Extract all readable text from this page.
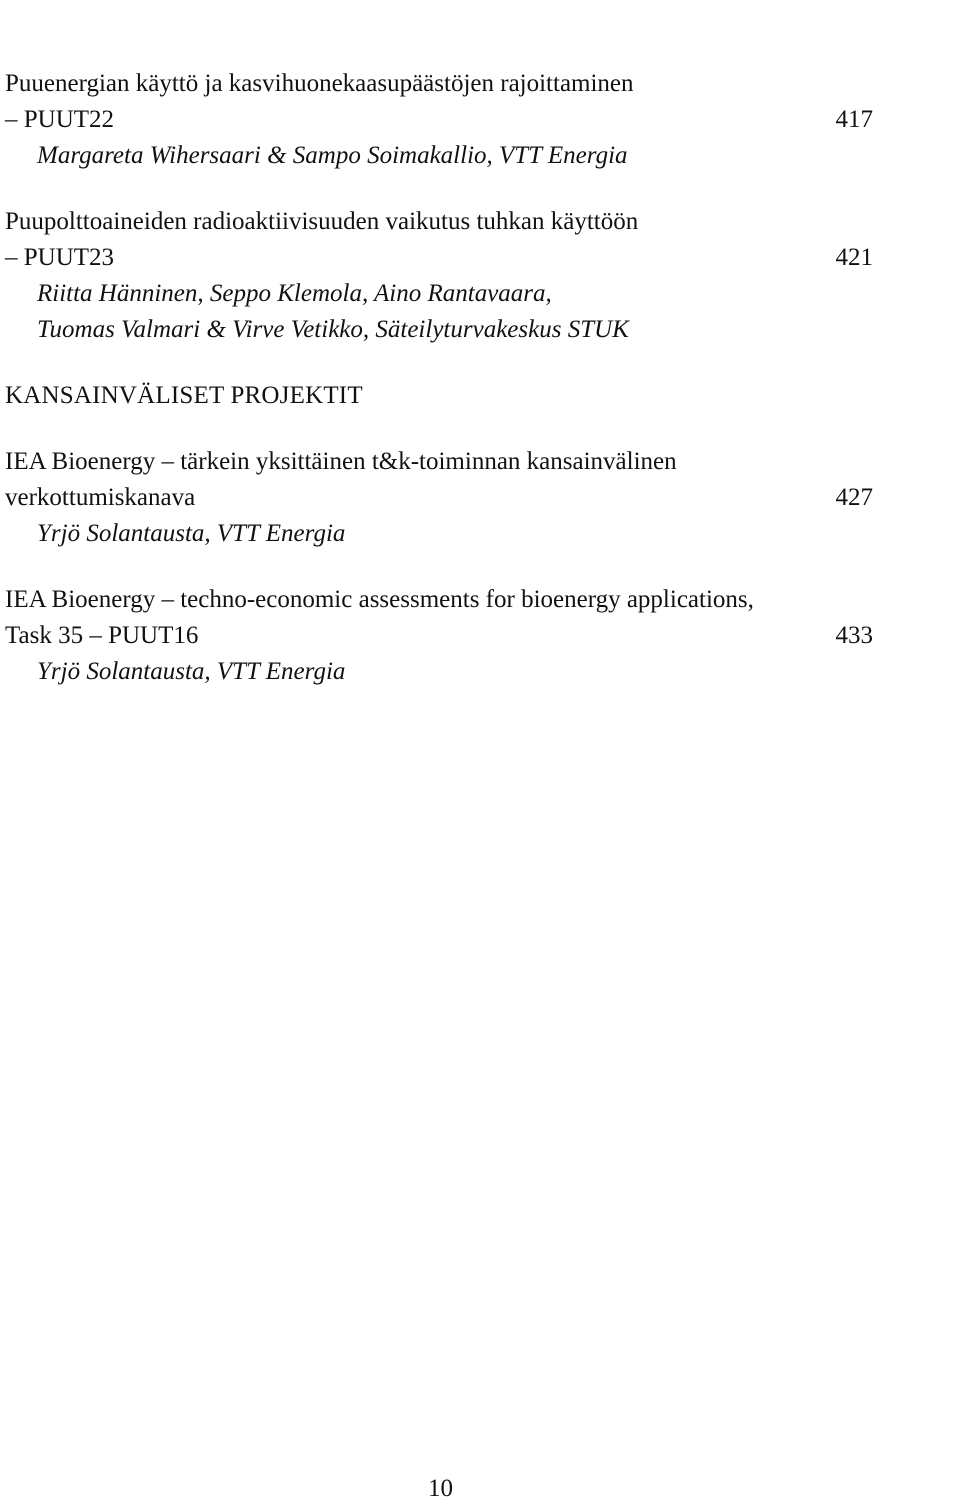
Puuenergian käyttö ja kasvihuonekaasupäästöjen rajoittaminen
– PUUT22	417
Margareta Wihersaari & Sampo Soimakallio, VTT Energia
Puupolttoaineiden radioaktiivisuuden vaikutus tuhkan käyttöön
– PUUT23	421
Riitta Hänninen, Seppo Klemola, Aino Rantavaara,
Tuomas Valmari & Virve Vetikko, Säteilyturvakeskus STUK
KANSAINVÄLISET PROJEKTIT
IEA Bioenergy – tärkein yksittäinen t&k-toiminnan kansainvälinen
verkottumiskanava	427
Yrjö Solantausta, VTT Energia
IEA Bioenergy – techno-economic assessments for bioenergy applications,
Task 35 – PUUT16	433
Yrjö Solantausta, VTT Energia
10
